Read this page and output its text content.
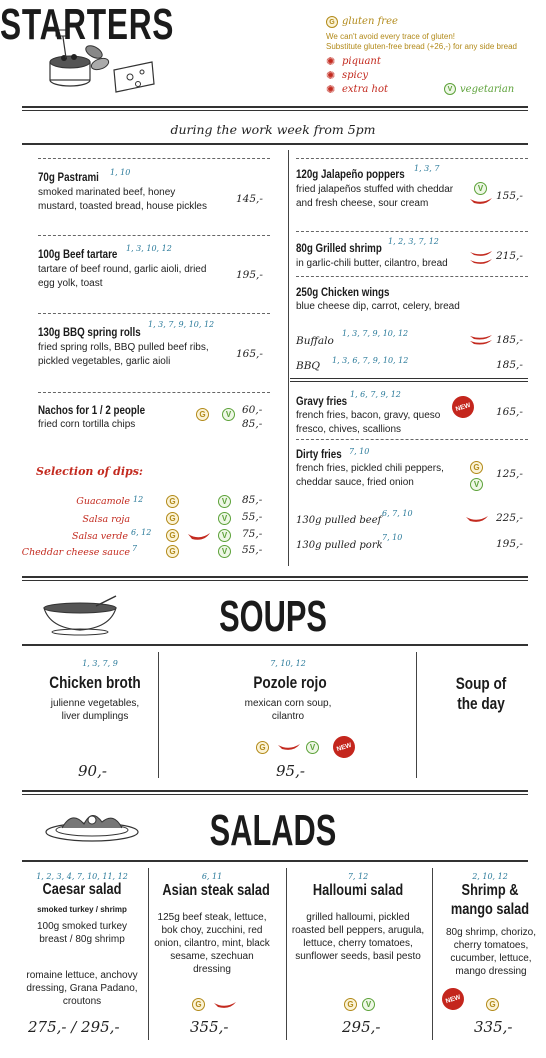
STARTERS	G gluten free
We can't avoid every trace of gluten!
Substitute gluten-free bread (+26,-) for any side bread
✺ piquant
✺ spicy
✺ extra hot	V vegetarian
during the work week from 5pm
70g Pastrami 1, 10
smoked marinated beef, honey mustard, toasted bread, house pickles
145,-
100g Beef tartare
1, 3, 10, 12
tartare of beef round, garlic aioli, dried egg yolk, toast
195,-
130g BBQ spring rolls
1, 3, 7, 9, 10, 12
fried spring rolls, BBQ pulled beef ribs, pickled vegetables, garlic aioli
165,-
Nachos for 1 / 2 people
fried corn tortilla chips
G	V	60,-
85,-
Selection of dips:
Guacamole 12	G	V	85,-
Salsa roja	G	V	55,-
Salsa verde 6, 12	G	V	75,-
Cheddar cheese sauce 7	G	V	55,-
120g Jalapeño poppers
1, 3, 7
fried jalapeños stuffed with cheddar and fresh cheese, sour cream
V
155,-
80g Grilled shrimp
1, 2, 3, 7, 12
in garlic-chili butter, cilantro, bread
215,-
250g Chicken wings
blue cheese dip, carrot, celery, bread
Buffalo
1, 3, 7, 9, 10, 12
185,-
BBQ 1, 3, 6, 7, 9, 10, 12	185,-
Gravy fries
1, 6, 7, 9, 12
french fries, bacon, gravy, queso fresco, chives, scallions
NEW	165,-
Dirty fries 7, 10
french fries, pickled chili peppers, cheddar sauce, fried onion
G
V
125,-
130g pulled beef
6, 7, 10	225,-
130g pulled pork
7, 10
195,-
SOUPS
1, 3, 7, 9
Chicken broth
julienne vegetables, liver dumplings
90,-
7, 10, 12
Pozole rojo
mexican corn soup, cilantro
G	V	NEW
95,-
Soup of the day
SALADS
1, 2, 3, 4, 7, 10, 11, 12
Caesar salad
smoked turkey / shrimp
100g smoked turkey breast / 80g shrimp
romaine lettuce, anchovy dressing, Grana Padano, croutons
275,- / 295,-
6, 11
Asian steak salad
125g beef steak, lettuce, bok choy, zucchini, red onion, cilantro, mint, black sesame, szechuan dressing
G
355,-
7, 12
Halloumi salad
grilled halloumi, pickled roasted bell peppers, arugula, lettuce, cherry tomatoes, sunflower seeds, basil pesto
G	V
295,-
2, 10, 12
Shrimp & mango salad
80g shrimp, chorizo, cherry tomatoes, cucumber, lettuce, mango dressing
NEW	G
335,-
